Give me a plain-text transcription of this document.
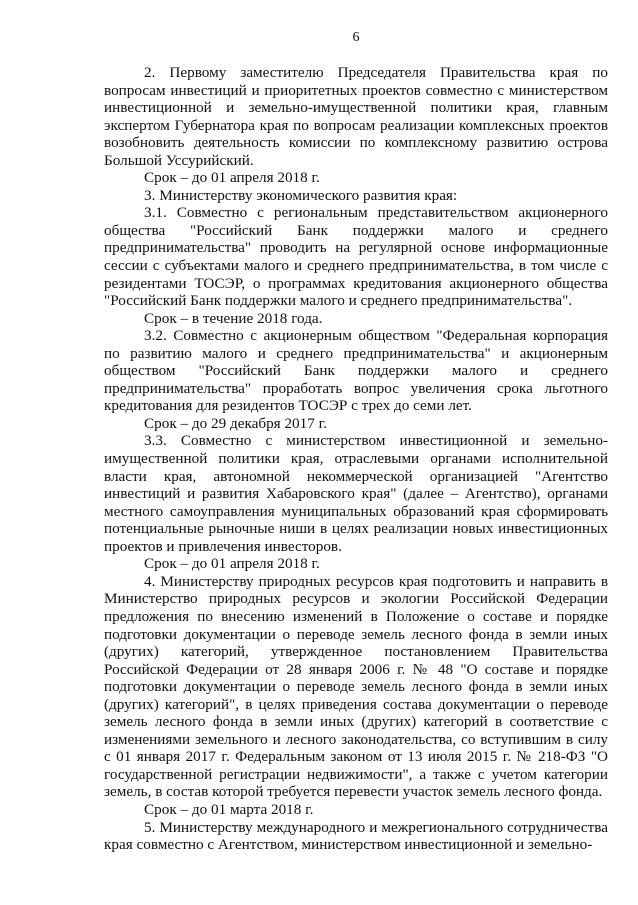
6

2. Первому заместителю Председателя Правительства края по вопросам инвестиций и приоритетных проектов совместно с министерством инвестиционной и земельно-имущественной политики края, главным экспертом Губернатора края по вопросам реализации комплексных проектов возобновить деятельность комиссии по комплексному развитию острова Большой Уссурийский.

Срок – до 01 апреля 2018 г.

3. Министерству экономического развития края:

3.1. Совместно с региональным представительством акционерного общества "Российский Банк поддержки малого и среднего предпринимательства" проводить на регулярной основе информационные сессии с субъектами малого и среднего предпринимательства, в том числе с резидентами ТОСЭР, о программах кредитования акционерного общества "Российский Банк поддержки малого и среднего предпринимательства".

Срок – в течение 2018 года.

3.2. Совместно с акционерным обществом "Федеральная корпорация по развитию малого и среднего предпринимательства" и акционерным обществом "Российский Банк поддержки малого и среднего предпринимательства" проработать вопрос увеличения срока льготного кредитования для резидентов ТОСЭР с трех до семи лет.

Срок – до 29 декабря 2017 г.

3.3. Совместно с министерством инвестиционной и земельно-имущественной политики края, отраслевыми органами исполнительной власти края, автономной некоммерческой организацией "Агентство инвестиций и развития Хабаровского края" (далее – Агентство), органами местного самоуправления муниципальных образований края сформировать потенциальные рыночные ниши в целях реализации новых инвестиционных проектов и привлечения инвесторов.

Срок – до 01 апреля 2018 г.

4. Министерству природных ресурсов края подготовить и направить в Министерство природных ресурсов и экологии Российской Федерации предложения по внесению изменений в Положение о составе и порядке подготовки документации о переводе земель лесного фонда в земли иных (других) категорий, утвержденное постановлением Правительства Российской Федерации от 28 января 2006 г. № 48 "О составе и порядке подготовки документации о переводе земель лесного фонда в земли иных (других) категорий", в целях приведения состава документации о переводе земель лесного фонда в земли иных (других) категорий в соответствие с изменениями земельного и лесного законодательства, со вступившим в силу с 01 января 2017 г. Федеральным законом от 13 июля 2015 г. № 218-ФЗ "О государственной регистрации недвижимости", а также с учетом категории земель, в состав которой требуется перевести участок земель лесного фонда.

Срок – до 01 марта 2018 г.

5. Министерству международного и межрегионального сотрудничества края совместно с Агентством, министерством инвестиционной и земельно-
